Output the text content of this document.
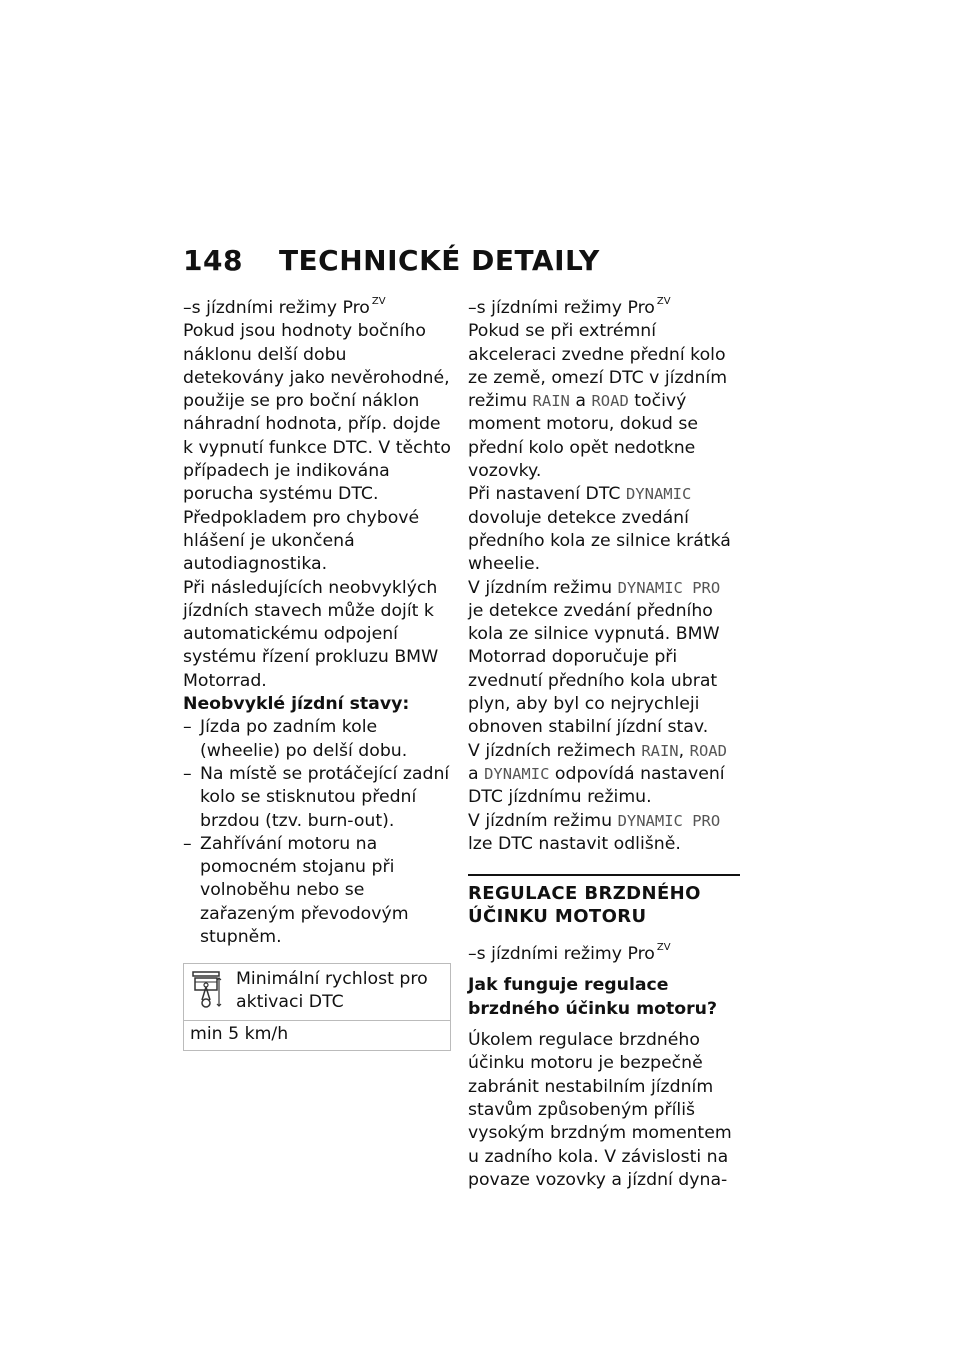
148 TECHNICKÉ DETAILY

–s jízdními režimy Pro $^{ZV}$

Pokud jsou hodnoty bočního náklonu delší dobu detekovány jako nevěrohodné, použije se pro boční náklon náhradní hodnota, příp. dojde k vypnutí funkce DTC. V těchto případech je indikována porucha systému DTC. Předpokladem pro chybové hlášení je ukončená autodiagnostika.

Při následujících neobvyklých jízdních stavech může dojít k automatickému odpojení systému řízení prokluzu BMW Motorrad.

Neobvyklé jízdní stavy:

– Jízda po zadním kole (wheelie) po delší dobu.
– Na místě se protáčející zadní kolo se stisknutou přední brzdou (tzv. burn-out).
– Zahřívání motoru na pomocném stojanu při volnoběhu nebo se zařazeným převodovým stupněm.
Minimální rychlost pro aktivaci DTC
min 5 km/h

–s jízdními režimy Pro $^{ZV}$

Pokud se při extrémní akceleraci zvedne přední kolo ze země, omezí DTC v jízdním režimu RAIN a ROAD točivý moment motoru, dokud se přední kolo opět nedotkne vozovky.

Při nastavení DTC DYNAMIC dovoluje detekce zvedání předního kola ze silnice krátká wheelie.

V jízdním režimu DYNAMIC PRO je detekce zvedání předního kola ze silnice vypnutá. BMW Motorrad doporučuje při zvednutí předního kola ubrat plyn, aby byl co nejrychleji obnoven stabilní jízdní stav.

V jízdních režimech RAIN, ROAD a DYNAMIC odpovídá nastavení DTC jízdnímu režimu.

V jízdním režimu DYNAMIC PRO lze DTC nastavit odlišně.

REGULACE BRZDNÉHO ÚČINKU MOTORU

–s jízdními režimy Pro $^{ZV}$

Jak funguje regulace brzdného účinku motoru?

Úkolem regulace brzdného účinku motoru je bezpečně zabránit nestabilním jízdním stavům způsobeným příliš vysokým brzdným momentem u zadního kola. V závislosti na povaze vozovky a jízdní dyna-
